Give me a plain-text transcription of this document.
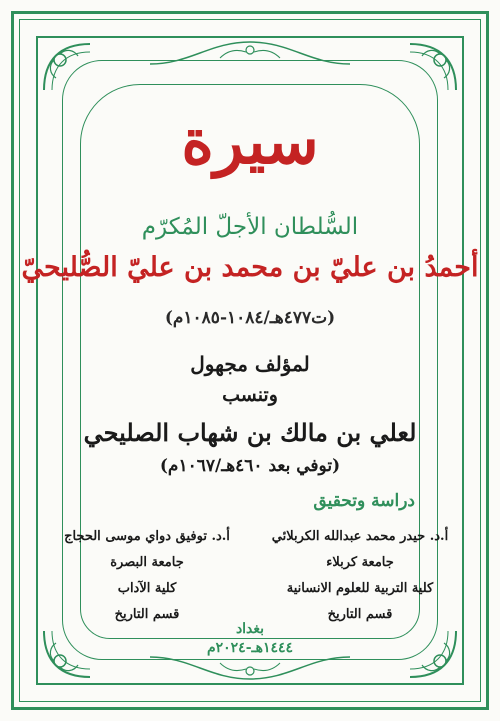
سيرة
السُّلطان الأجلّ المُكرّم
أحمدُ بن عليّ بن محمد بن عليّ الصُّليحيّ
(ت٤٧٧هـ/١٠٨٤-١٠٨٥م)
لمؤلف مجهول
وتنسب
لعلي بن مالك بن شهاب الصليحي
(توفي بعد ٤٦٠هـ/١٠٦٧م)
دراسة وتحقيق
أ.د. حيدر محمد عبدالله الكربلائي
جامعة كربلاء
كلية التربية للعلوم الانسانية
قسم التاريخ
أ.د. توفيق دواي موسى الحجاج
جامعة البصرة
كلية الآداب
قسم التاريخ
بغداد
١٤٤٤هـ-٢٠٢٤م
